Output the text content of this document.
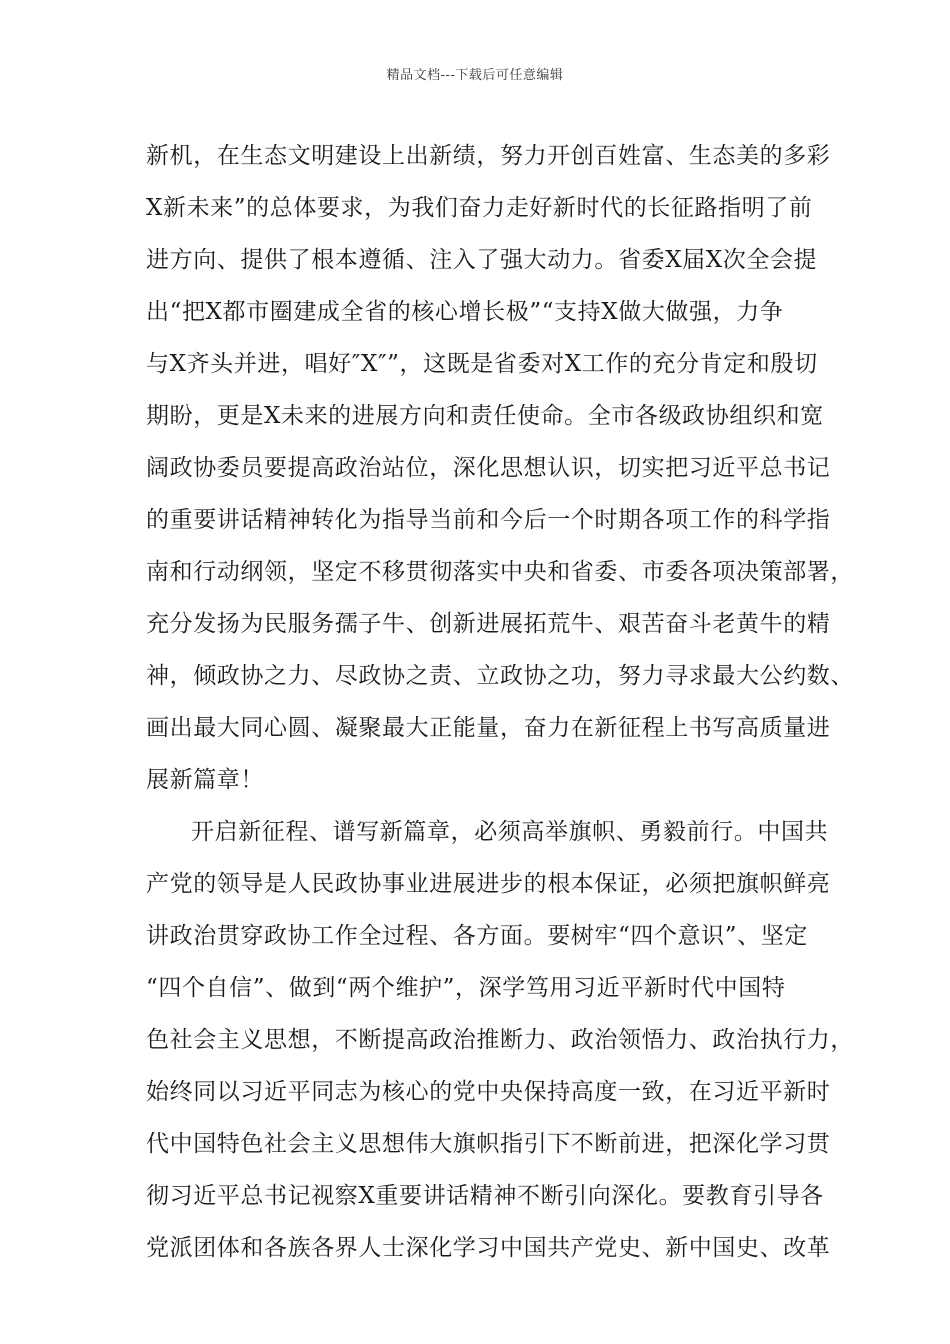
精品文档---下载后可任意编辑
新机，在生态文明建设上出新绩，努力开创百姓富、生态美的多彩
X新未来”的总体要求，为我们奋力走好新时代的长征路指明了前
进方向、提供了根本遵循、注入了强大动力。省委X届X次全会提
出“把X都市圈建成全省的核心增长极”“支持X做大做强，力争
与X齐头并进，唱好″X″”，这既是省委对X工作的充分肯定和殷切
期盼，更是X未来的进展方向和责任使命。全市各级政协组织和宽
阔政协委员要提高政治站位，深化思想认识，切实把习近平总书记
的重要讲话精神转化为指导当前和今后一个时期各项工作的科学指
南和行动纲领，坚定不移贯彻落实中央和省委、市委各项决策部署，
充分发扬为民服务孺子牛、创新进展拓荒牛、艰苦奋斗老黄牛的精
神，倾政协之力、尽政协之责、立政协之功，努力寻求最大公约数、
画出最大同心圆、凝聚最大正能量，奋力在新征程上书写高质量进
展新篇章！
开启新征程、谱写新篇章，必须高举旗帜、勇毅前行。中国共
产党的领导是人民政协事业进展进步的根本保证，必须把旗帜鲜亮
讲政治贯穿政协工作全过程、各方面。要树牢“四个意识”、坚定
“四个自信”、做到“两个维护”，深学笃用习近平新时代中国特
色社会主义思想，不断提高政治推断力、政治领悟力、政治执行力，
始终同以习近平同志为核心的党中央保持高度一致，在习近平新时
代中国特色社会主义思想伟大旗帜指引下不断前进，把深化学习贯
彻习近平总书记视察X重要讲话精神不断引向深化。要教育引导各
党派团体和各族各界人士深化学习中国共产党史、新中国史、改革
